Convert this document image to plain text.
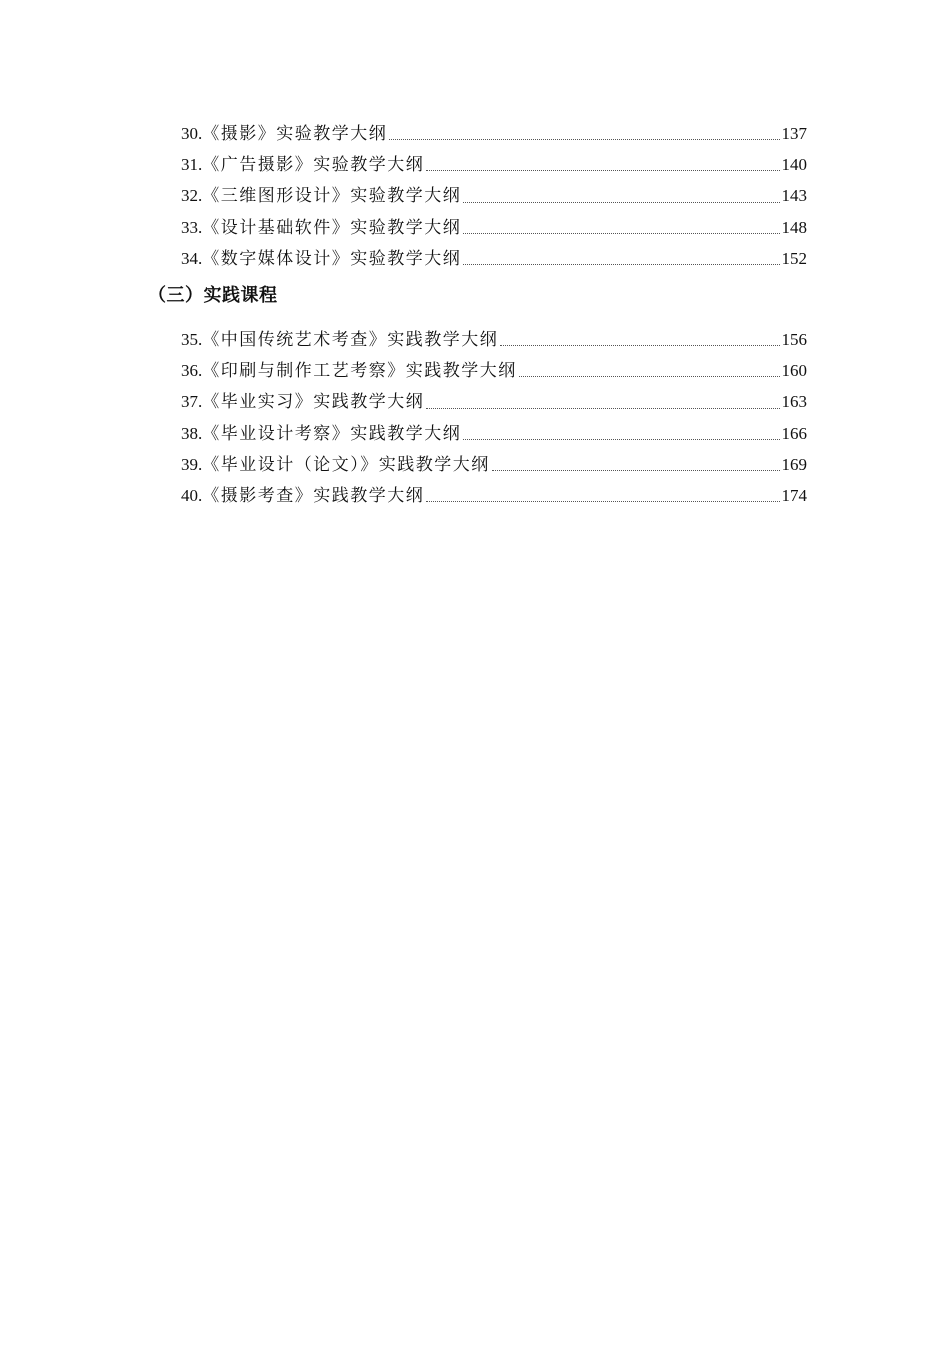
30. 《摄影》实验教学大纲	137
31. 《广告摄影》实验教学大纲	140
32. 《三维图形设计》实验教学大纲	143
33. 《设计基础软件》实验教学大纲	148
34. 《数字媒体设计》实验教学大纲	152
（三）实践课程
35. 《中国传统艺术考查》实践教学大纲	156
36. 《印刷与制作工艺考察》实践教学大纲	160
37. 《毕业实习》实践教学大纲	163
38. 《毕业设计考察》实践教学大纲	166
39. 《毕业设计（论文）》实践教学大纲	169
40. 《摄影考查》实践教学大纲	174
